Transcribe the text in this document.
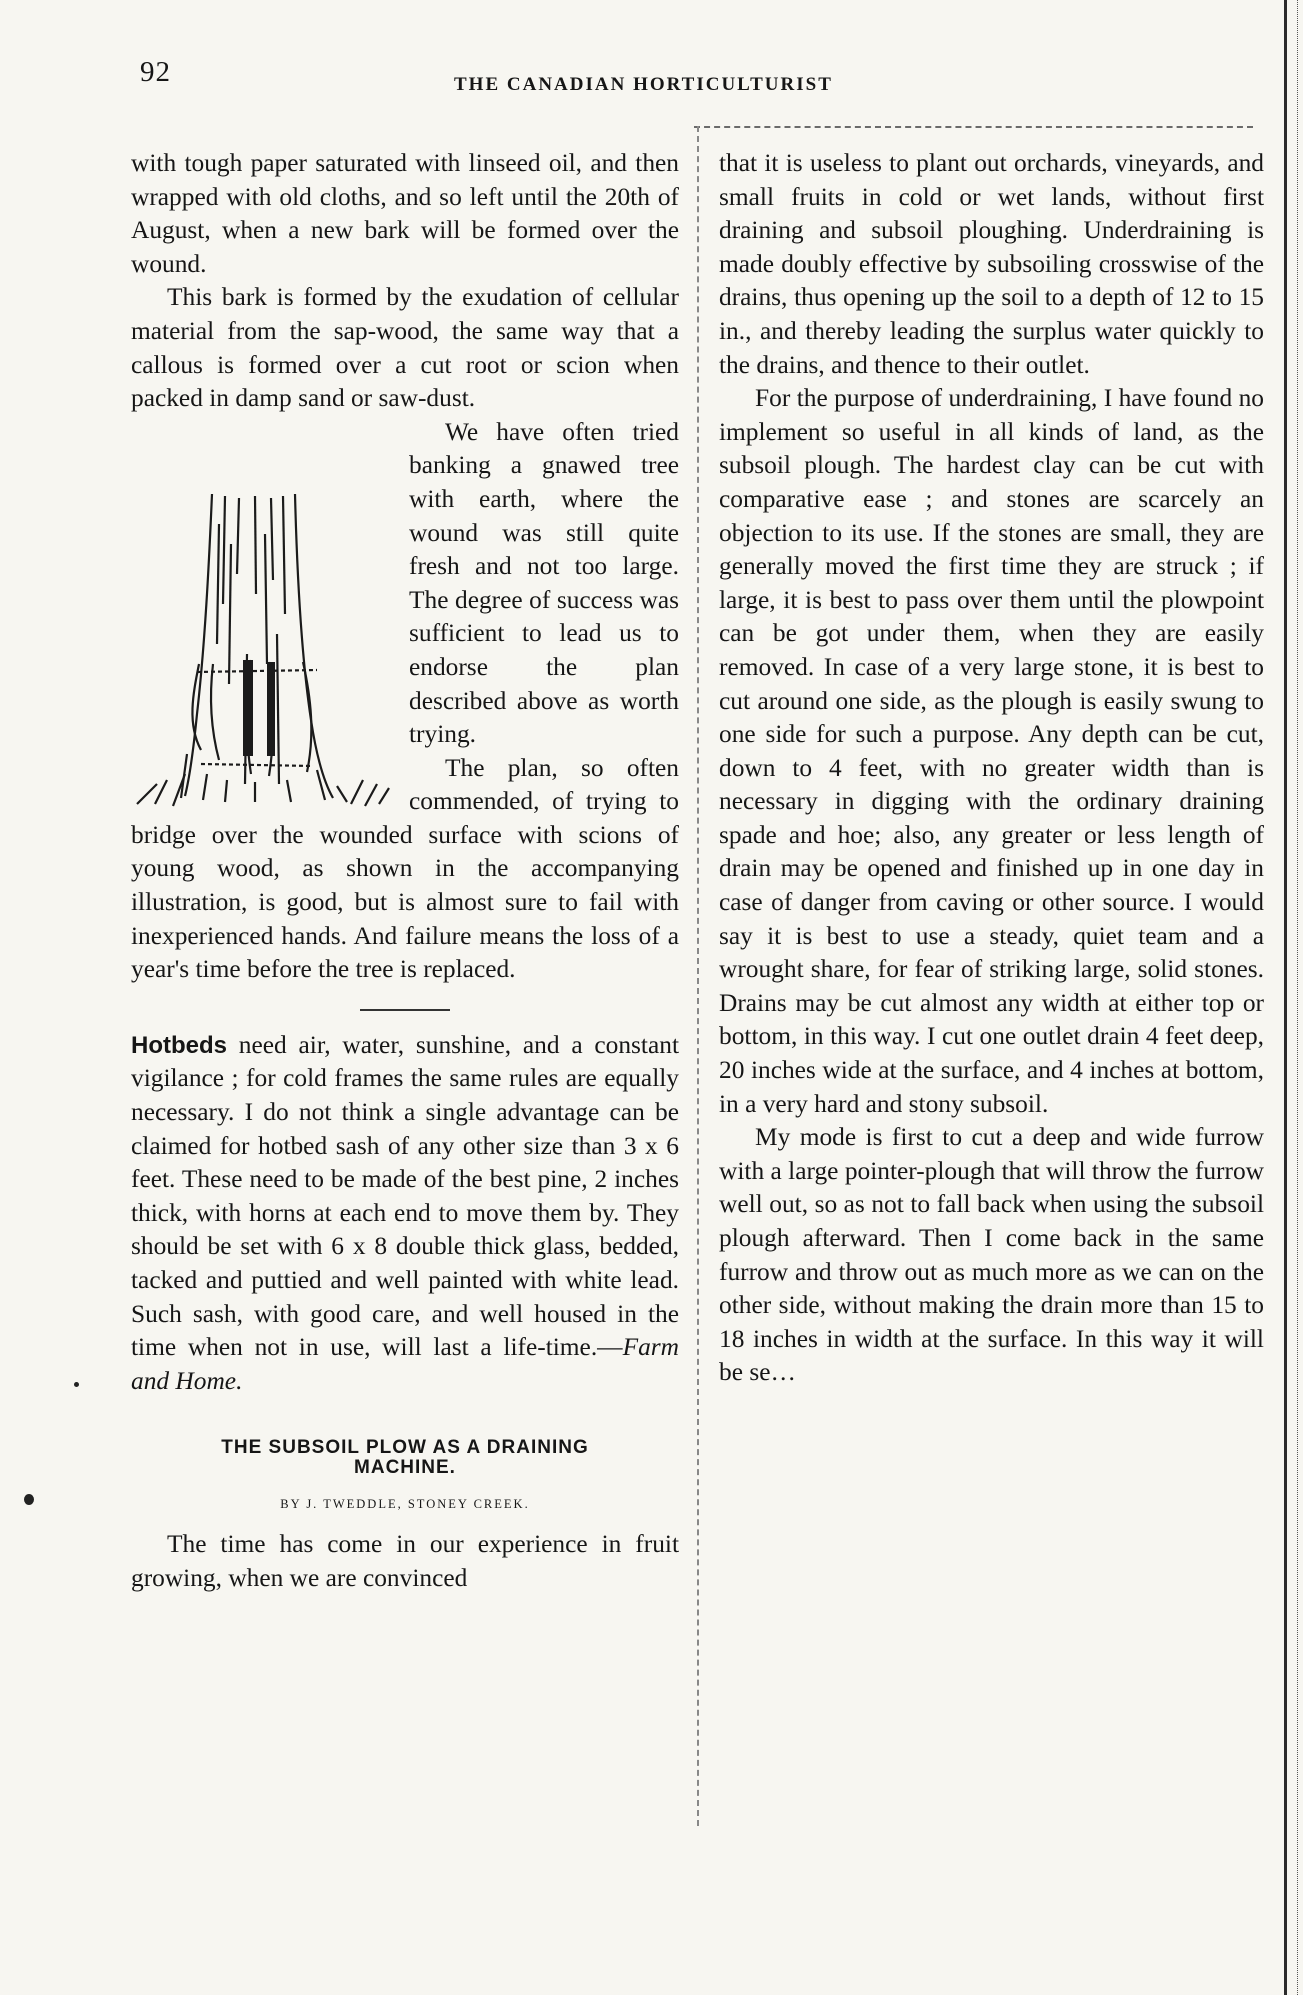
92	THE CANADIAN HORTICULTURIST

with tough paper saturated with linseed oil, and then wrapped with old cloths, and so left until the 20th of August, when a new bark will be formed over the wound.

This bark is formed by the exudation of cellular material from the sap-wood, the same way that a callous is formed over a cut root or scion when packed in damp sand or saw-dust.

We have often tried banking a gnawed tree with earth, where the wound was still quite fresh and not too large. The degree of success was sufficient to lead us to endorse the plan described above as worth trying.

The plan, so often commended, of trying to bridge over the wounded surface with scions of young wood, as shown in the accompanying illustration, is good, but is almost sure to fail with inexperienced hands. And failure means the loss of a year's time before the tree is replaced.

Hotbeds need air, water, sunshine, and a constant vigilance ; for cold frames the same rules are equally necessary. I do not think a single advantage can be claimed for hotbed sash of any other size than 3 x 6 feet. These need to be made of the best pine, 2 inches thick, with horns at each end to move them by. They should be set with 6 x 8 double thick glass, bedded, tacked and puttied and well painted with white lead. Such sash, with good care, and well housed in the time when not in use, will last a life-time.—Farm and Home.

THE SUBSOIL PLOW AS A DRAINING
MACHINE.
BY J. TWEDDLE, STONEY CREEK.

The time has come in our experience in fruit growing, when we are convinced

that it is useless to plant out orchards, vineyards, and small fruits in cold or wet lands, without first draining and subsoil ploughing. Underdraining is made doubly effective by subsoiling crosswise of the drains, thus opening up the soil to a depth of 12 to 15 in., and thereby leading the surplus water quickly to the drains, and thence to their outlet.

For the purpose of underdraining, I have found no implement so useful in all kinds of land, as the subsoil plough. The hardest clay can be cut with comparative ease ; and stones are scarcely an objection to its use. If the stones are small, they are generally moved the first time they are struck ; if large, it is best to pass over them until the plowpoint can be got under them, when they are easily removed. In case of a very large stone, it is best to cut around one side, as the plough is easily swung to one side for such a purpose. Any depth can be cut, down to 4 feet, with no greater width than is necessary in digging with the ordinary draining spade and hoe; also, any greater or less length of drain may be opened and finished up in one day in case of danger from caving or other source. I would say it is best to use a steady, quiet team and a wrought share, for fear of striking large, solid stones. Drains may be cut almost any width at either top or bottom, in this way. I cut one outlet drain 4 feet deep, 20 inches wide at the surface, and 4 inches at bottom, in a very hard and stony subsoil.

My mode is first to cut a deep and wide furrow with a large pointer-plough that will throw the furrow well out, so as not to fall back when using the subsoil plough afterward. Then I come back in the same furrow and throw out as much more as we can on the other side, without making the drain more than 15 to 18 inches in width at the surface. In this way it will be se…
